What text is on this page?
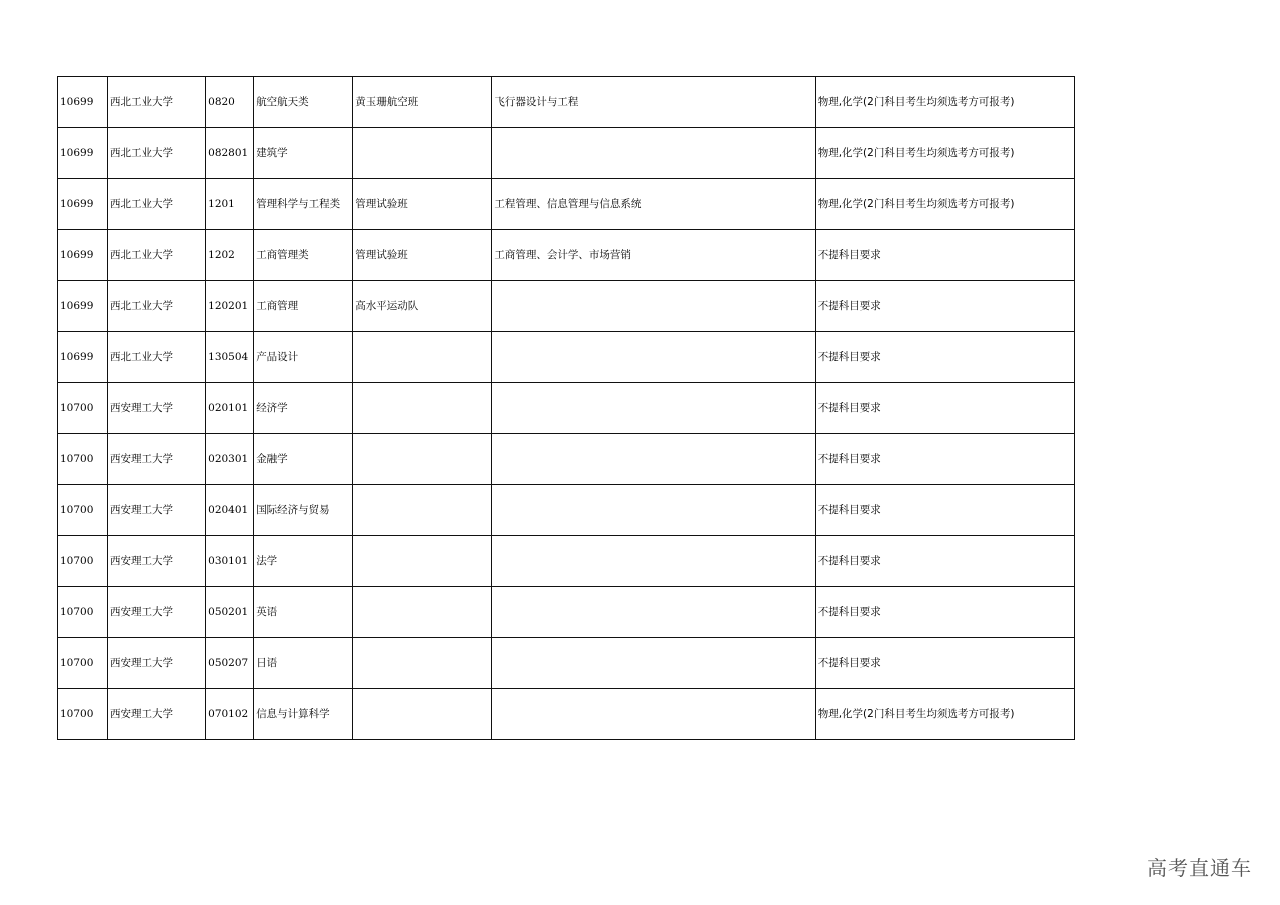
10699	西北工业大学	0820	航空航天类	黄玉珊航空班	飞行器设计与工程	物理,化学(2门科目考生均须选考方可报考)
10699	西北工业大学	082801	建筑学			物理,化学(2门科目考生均须选考方可报考)
10699	西北工业大学	1201	管理科学与工程类	管理试验班	工程管理、信息管理与信息系统	物理,化学(2门科目考生均须选考方可报考)
10699	西北工业大学	1202	工商管理类	管理试验班	工商管理、会计学、市场营销	不提科目要求
10699	西北工业大学	120201	工商管理	高水平运动队		不提科目要求
10699	西北工业大学	130504	产品设计			不提科目要求
10700	西安理工大学	020101	经济学			不提科目要求
10700	西安理工大学	020301	金融学			不提科目要求
10700	西安理工大学	020401	国际经济与贸易			不提科目要求
10700	西安理工大学	030101	法学			不提科目要求
10700	西安理工大学	050201	英语			不提科目要求
10700	西安理工大学	050207	日语			不提科目要求
10700	西安理工大学	070102	信息与计算科学			物理,化学(2门科目考生均须选考方可报考)
高考直通车
